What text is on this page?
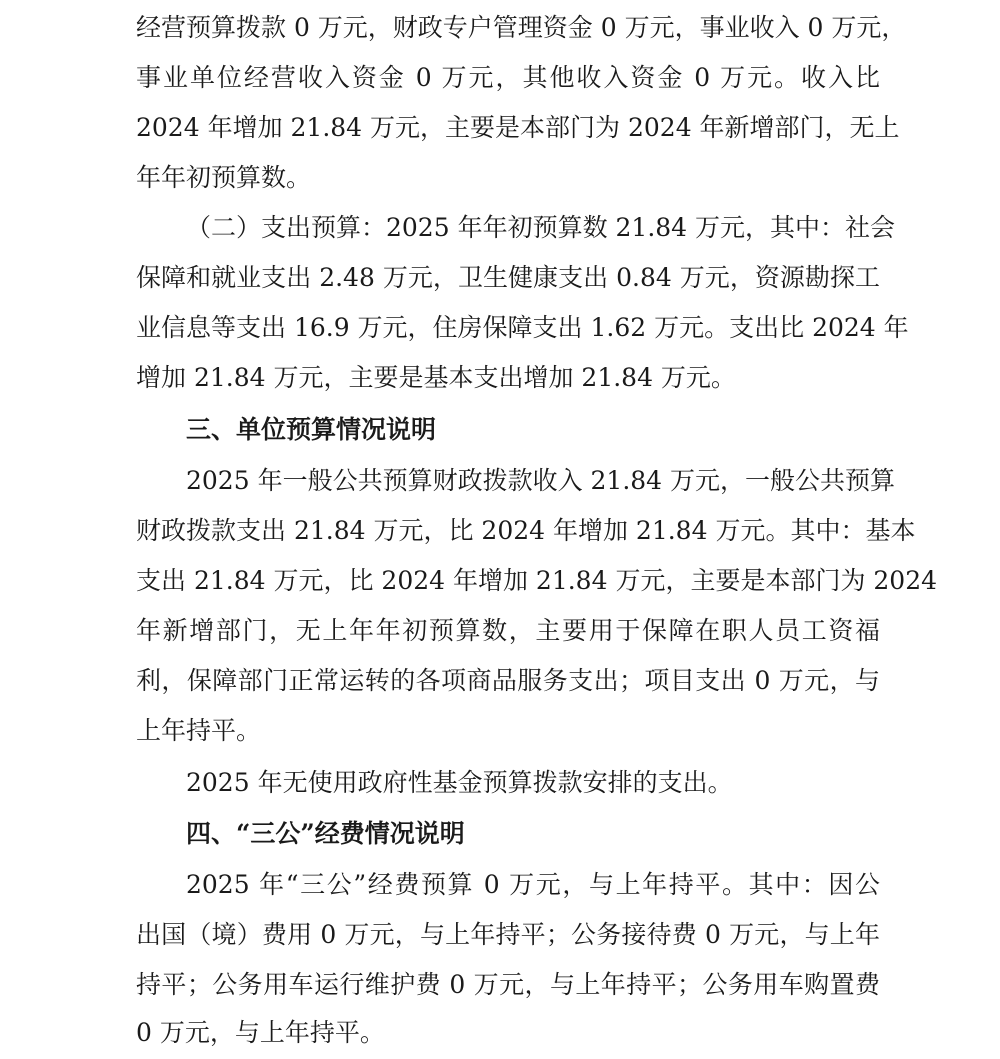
经营预算拨款 0 万元，财政专户管理资金 0 万元，事业收入 0 万元，
事业单位经营收入资金 0 万元，其他收入资金 0 万元。收入比
2024 年增加 21.84 万元，主要是本部门为 2024 年新增部门，无上
年年初预算数。
（二）支出预算：2025 年年初预算数 21.84 万元，其中：社会
保障和就业支出 2.48 万元，卫生健康支出 0.84 万元，资源勘探工
业信息等支出 16.9 万元，住房保障支出 1.62 万元。支出比 2024 年
增加 21.84 万元，主要是基本支出增加 21.84 万元。
三、单位预算情况说明
2025 年一般公共预算财政拨款收入 21.84 万元，一般公共预算
财政拨款支出 21.84 万元，比 2024 年增加 21.84 万元。其中：基本
支出 21.84 万元，比 2024 年增加 21.84 万元，主要是本部门为 2024
年新增部门，无上年年初预算数，主要用于保障在职人员工资福
利，保障部门正常运转的各项商品服务支出；项目支出 0 万元，与
上年持平。
2025 年无使用政府性基金预算拨款安排的支出。
四、“三公”经费情况说明
2025 年“三公”经费预算 0 万元，与上年持平。其中：因公
出国（境）费用 0 万元，与上年持平；公务接待费 0 万元，与上年
持平；公务用车运行维护费 0 万元，与上年持平；公务用车购置费
0 万元，与上年持平。
